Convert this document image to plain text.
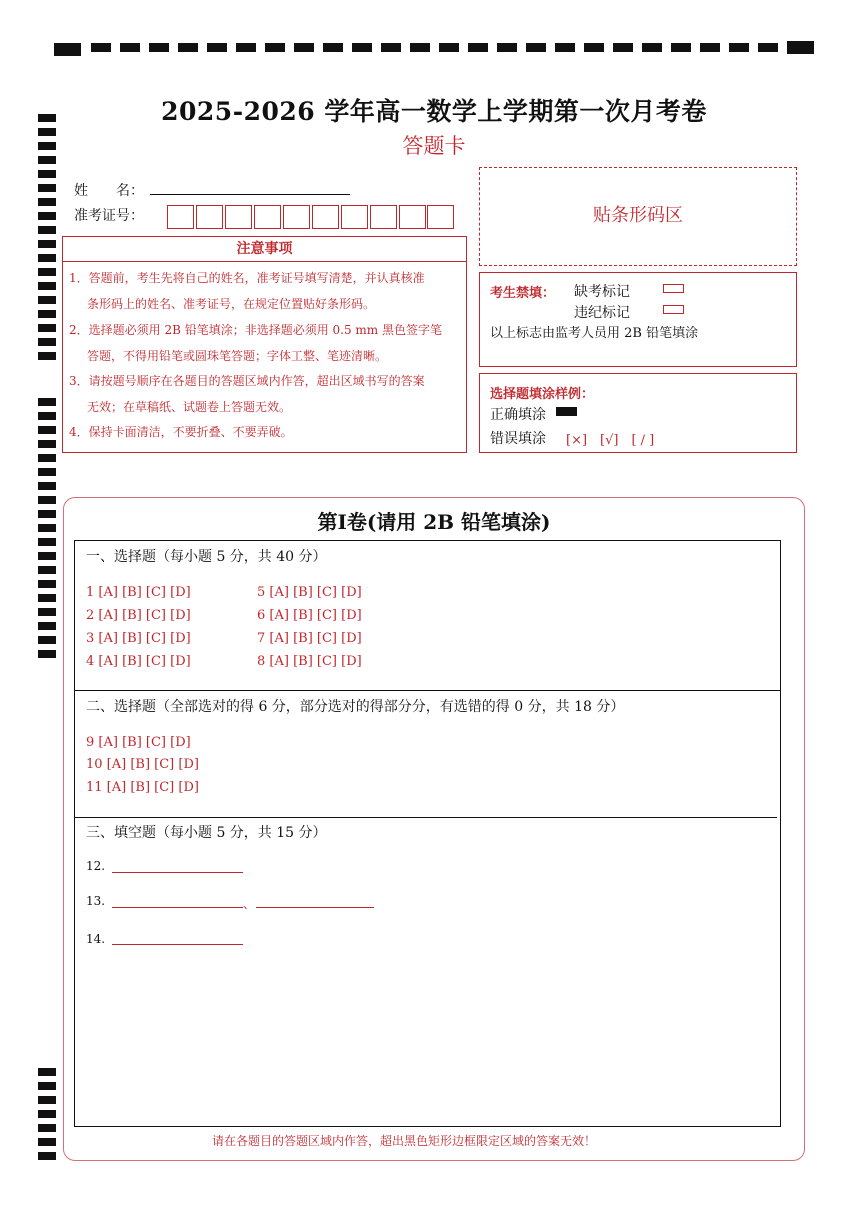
2025-2026 学年高一数学上学期第一次月考卷
答题卡
姓　　名：
准考证号：	贴条形码区
注意事项
1．答题前，考生先将自己的姓名，准考证号填写清楚，并认真核准
条形码上的姓名、准考证号，在规定位置贴好条形码。
2．选择题必须用 2B 铅笔填涂；非选择题必须用 0.5 mm 黑色签字笔
答题，不得用铅笔或圆珠笔答题；字体工整、笔迹清晰。
3．请按题号顺序在各题目的答题区域内作答，超出区域书写的答案
无效；在草稿纸、试题卷上答题无效。
4．保持卡面清洁，不要折叠、不要弄破。
考生禁填： 缺考标记
违纪标记
以上标志由监考人员用 2B 铅笔填涂
选择题填涂样例：
正确填涂
错误填涂 [×]　[√]　[ / ]
第Ⅰ卷(请用 2B 铅笔填涂)
一、选择题（每小题 5 分，共 40 分）
1 [A] [B] [C] [D]
2 [A] [B] [C] [D]
3 [A] [B] [C] [D]
4 [A] [B] [C] [D]
5 [A] [B] [C] [D]
6 [A] [B] [C] [D]
7 [A] [B] [C] [D]
8 [A] [B] [C] [D]
二、选择题（全部选对的得 6 分，部分选对的得部分分，有选错的得 0 分，共 18 分）
9 [A] [B] [C] [D]
10 [A] [B] [C] [D]
11 [A] [B] [C] [D]
三、填空题（每小题 5 分，共 15 分）
12.
13.	、
14.
请在各题目的答题区域内作答，超出黑色矩形边框限定区域的答案无效！
